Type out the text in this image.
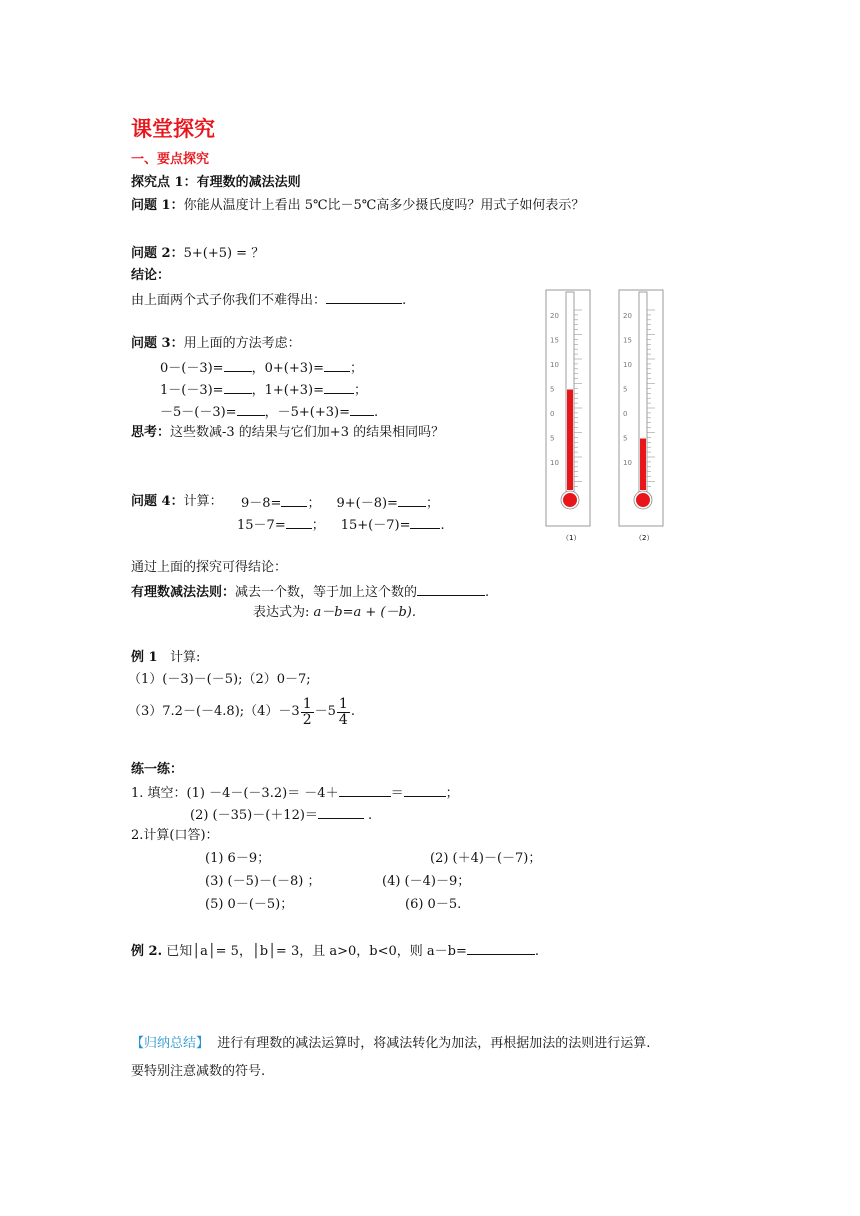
课堂探究
一、要点探究
探究点 1：有理数的减法法则
问题 1：你能从温度计上看出 5℃比－5℃高多少摄氏度吗？用式子如何表示？
问题 2：5+(+5) = ？
结论：
由上面两个式子你我们不难得出：	.
问题 3：用上面的方法考虑：
0－(－3)= ，0+(+3)= ；
1－(－3)= ，1+(+3)= ；
－5－(－3)= ，－5+(+3)= .
思考：这些数减-3 的结果与它们加+3 的结果相同吗？
问题 4：计算： 9－8= ； 9+(－8)= ；
15－7= ； 15+(－7)= .
通过上面的探究可得结论：
有理数减法法则：减去一个数，等于加上这个数的	.
表达式为: a－b=a + (－b).
例 1 计算:
（1）(－3)－(－5);（2）0－7;
（3）7.2－(－4.8);（4）－3 $\frac{1}{2} -5 \frac{1}{4}$ .
练一练：
1. 填空：(1) －4－(－3.2)＝ －4＋	＝	；
(2) (－35)－(＋12)＝	.
2.计算(口答)：
(1) 6－9；	(2) (＋4)－(－7)；
(3) (－5)－(－8) ；	(4) (－4)－9；
(5) 0－(－5)；	(6) 0－5.
例 2. 已知│a│= 5，│b│= 3，且 a>0，b<0，则 a－b=	.
【归纳总结】 进行有理数的减法运算时，将减法转化为加法，再根据加法的法则进行运算.
要特别注意减数的符号.
20
15
10
5
0
5
10
（1）
20
15
10
5
0
5
10
（2）
